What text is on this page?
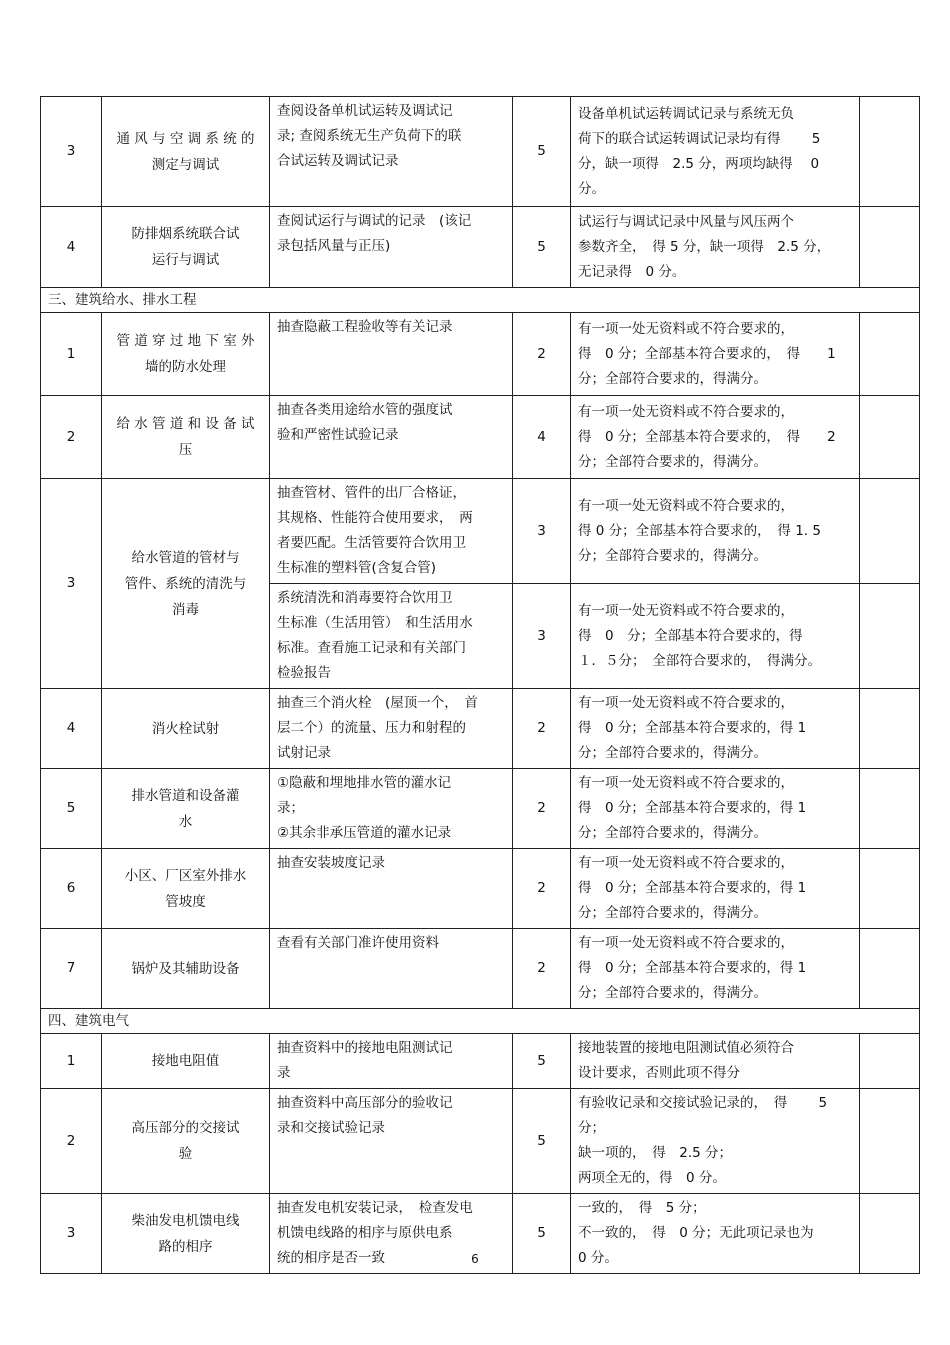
3	通 风 与 空 调 系 统 的
测定与调试	查阅设备单机试运转及调试记
录; 查阅系统无生产负荷下的联
合试运转及调试记录	5	设备单机试运转调试记录与系统无负
荷下的联合试运转调试记录均有得　　 5
分，缺一项得　2.5 分，两项均缺得　 0
分。	

4	防排烟系统联合试
运行与调试	查阅试运行与调试的记录　(该记
录包括风量与正压)	5	试运行与调试记录中风量与风压两个
参数齐全，　得 5 分，缺一项得　2.5 分，
无记录得　0 分。	

三、建筑给水、排水工程					
1	管 道 穿 过 地 下 室 外
墙的防水处理	抽查隐蔽工程验收等有关记录	2	有一项一处无资料或不符合要求的，
得　0 分；全部基本符合要求的，　得　　1
分；全部符合要求的，得满分。	

2	给 水 管 道 和 设 备 试
压	抽查各类用途给水管的强度试
验和严密性试验记录	4	有一项一处无资料或不符合要求的，
得　0 分；全部基本符合要求的，　得　　2
分；全部符合要求的，得满分。	

3	给水管道的管材与
管件、系统的清洗与
消毒	抽查管材、管件的出厂合格证，
其规格、性能符合使用要求，　两
者要匹配。生活管要符合饮用卫
生标准的塑料管(含复合管)	3	有一项一处无资料或不符合要求的，
得 0 分；全部基本符合要求的，　得 1. 5
分；全部符合要求的，得满分。	

		系统清洗和消毒要符合饮用卫
生标准（生活用管）　和生活用水
标准。查看施工记录和有关部门
检验报告	3	有一项一处无资料或不符合要求的，
得　0　分；全部基本符合要求的，得
１．５分；　全部符合要求的，　得满分。	

4	消火栓试射	抽查三个消火栓　(屋顶一个，　首
层二个）的流量、压力和射程的
试射记录	2	有一项一处无资料或不符合要求的，
得　0 分；全部基本符合要求的，得 1
分；全部符合要求的，得满分。	

5	排水管道和设备灌
水	①隐蔽和埋地排水管的灌水记
录；
②其余非承压管道的灌水记录	2	有一项一处无资料或不符合要求的，
得　0 分；全部基本符合要求的，得 1
分；全部符合要求的，得满分。	

6	小区、厂区室外排水
管坡度	抽查安装坡度记录	2	有一项一处无资料或不符合要求的，
得　0 分；全部基本符合要求的，得 1
分；全部符合要求的，得满分。	

7	锅炉及其辅助设备	查看有关部门准许使用资料	2	有一项一处无资料或不符合要求的，
得　0 分；全部基本符合要求的，得 1
分；全部符合要求的，得满分。	

四、建筑电气					
1	接地电阻值	抽查资料中的接地电阻测试记
录	5	接地装置的接地电阻测试值必须符合
设计要求，否则此项不得分	

2	高压部分的交接试
验	抽查资料中高压部分的验收记
录和交接试验记录	5	有验收记录和交接试验记录的，　得　　 5
分；
缺一项的，　得　2.5 分；
两项全无的，得　0 分。	

3	柴油发电机馈电线
路的相序	抽查发电机安装记录，　检查发电
机馈电线路的相序与原供电系
统的相序是否一致	5	一致的，　得　5 分；
不一致的，　得　0 分；无此项记录也为
0 分。	

6
